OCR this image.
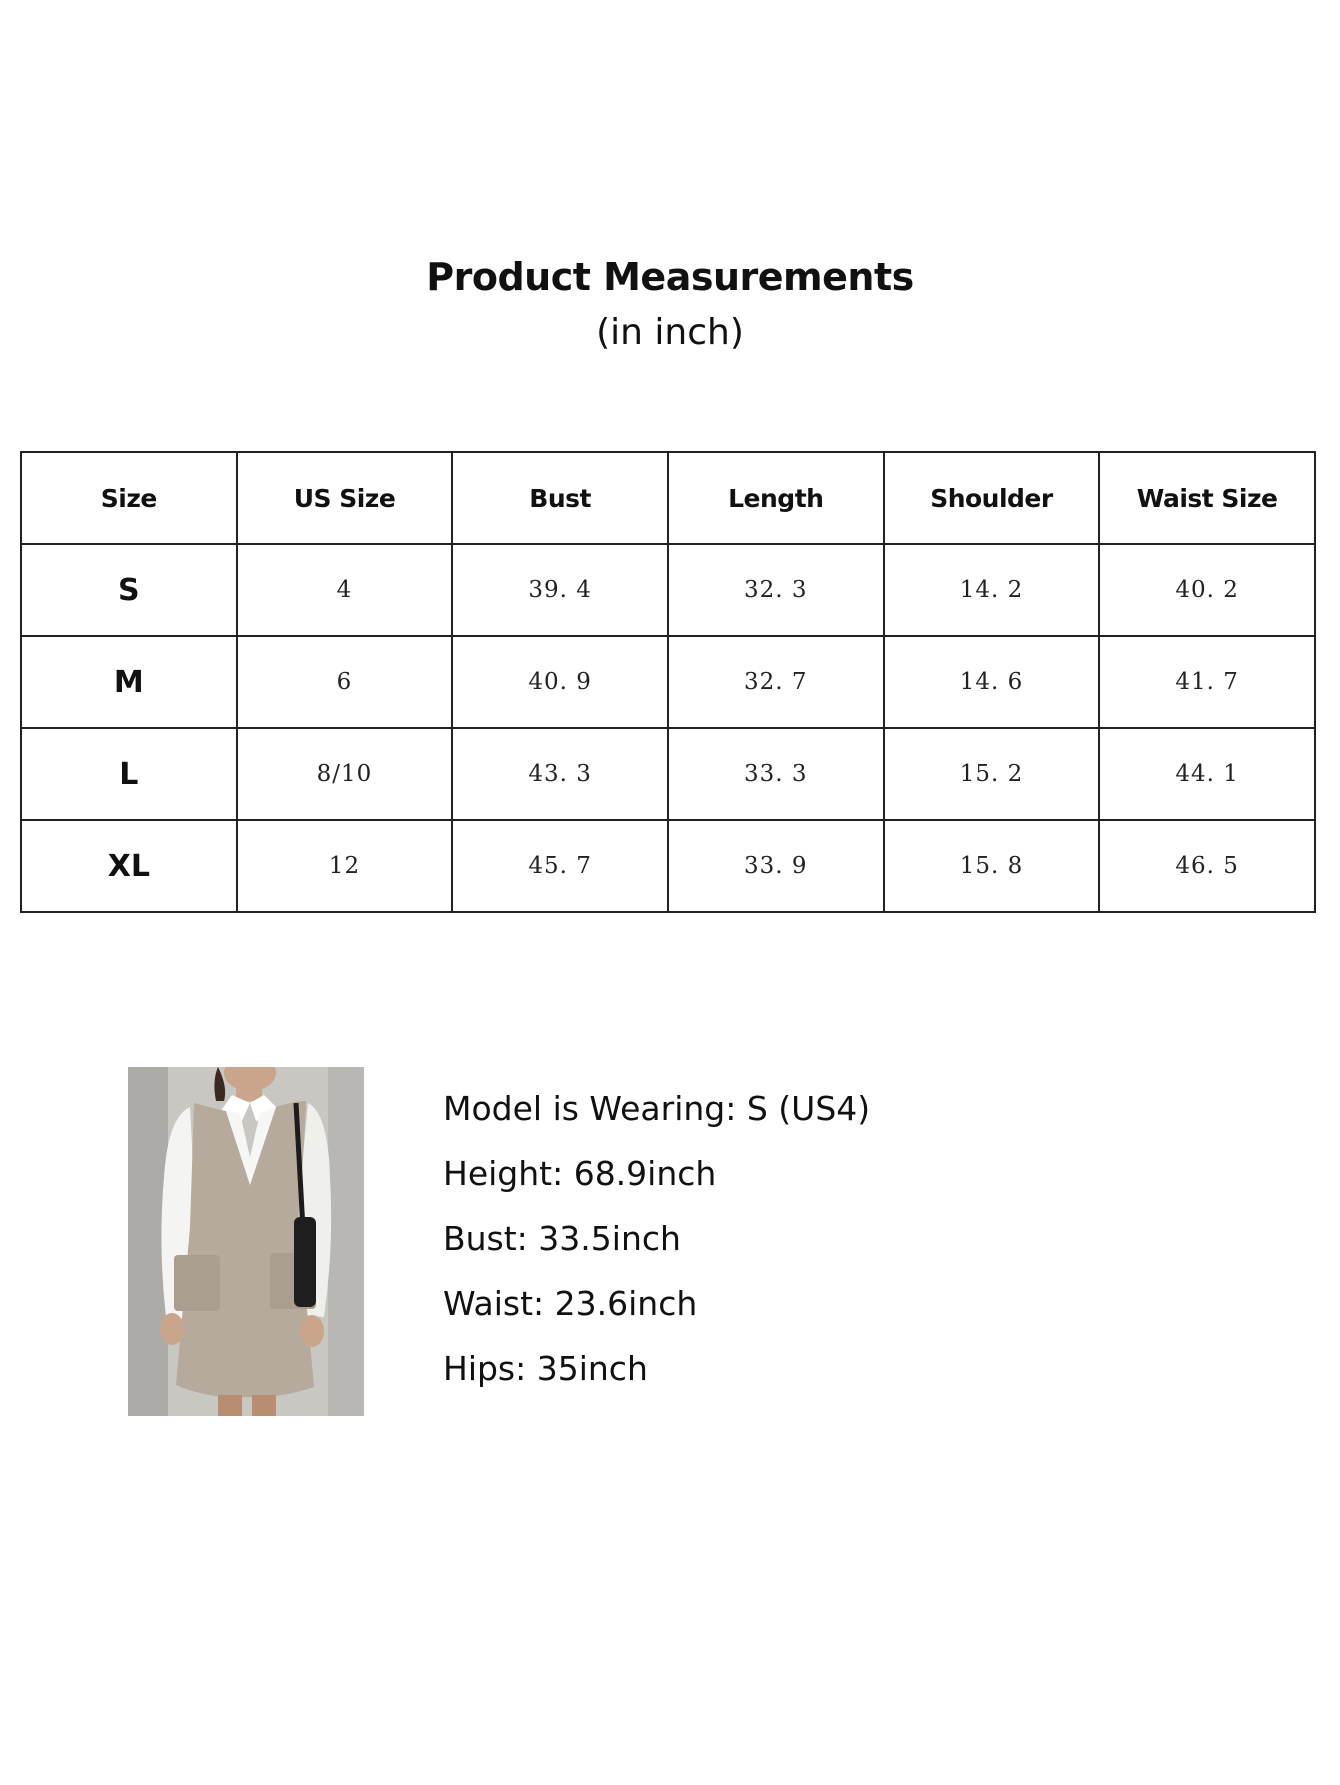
Product Measurements
(in inch)
Size	US Size	Bust	Length	Shoulder	Waist Size
S	4	39. 4	32. 3	14. 2	40. 2
M	6	40. 9	32. 7	14. 6	41. 7
L	8/10	43. 3	33. 3	15. 2	44. 1
XL	12	45. 7	33. 9	15. 8	46. 5
Model is Wearing: S (US4)
Height: 68.9inch
Bust: 33.5inch
Waist: 23.6inch
Hips: 35inch
